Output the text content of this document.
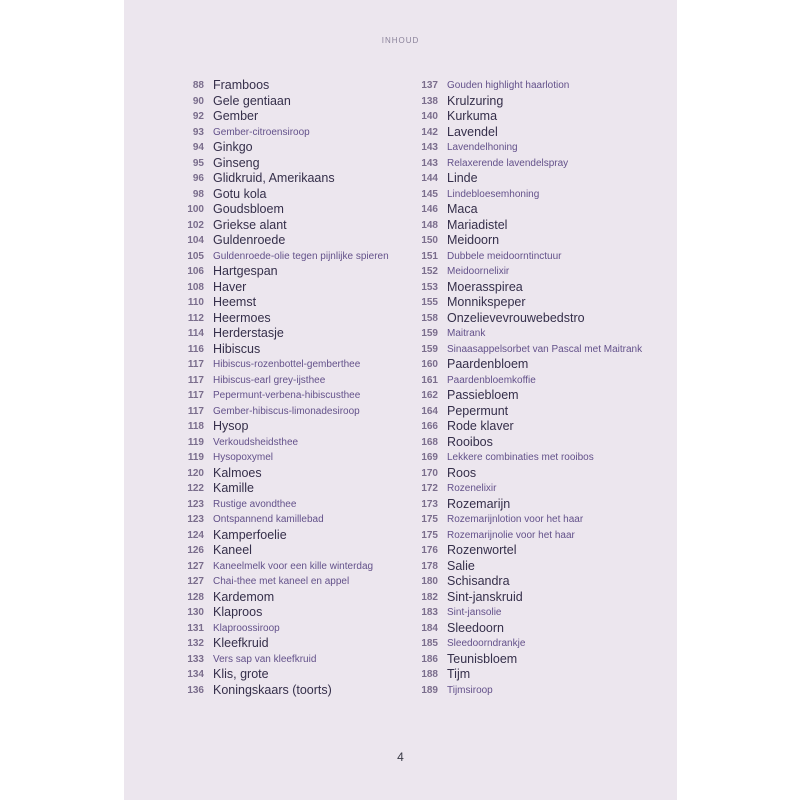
INHOUD
88 Framboos
90 Gele gentiaan
92 Gember
93 Gember-citroensiroop
94 Ginkgo
95 Ginseng
96 Glidkruid, Amerikaans
98 Gotu kola
100 Goudsbloem
102 Griekse alant
104 Guldenroede
105 Guldenroede-olie tegen pijnlijke spieren
106 Hartgespan
108 Haver
110 Heemst
112 Heermoes
114 Herderstasje
116 Hibiscus
117 Hibiscus-rozenbottel-gemberthee
117 Hibiscus-earl grey-ijsthee
117 Pepermunt-verbena-hibiscusthee
117 Gember-hibiscus-limonadesiroop
118 Hysop
119 Verkoudsheidsthee
119 Hysopoxymel
120 Kalmoes
122 Kamille
123 Rustige avondthee
123 Ontspannend kamillebad
124 Kamperfoelie
126 Kaneel
127 Kaneelmelk voor een kille winterdag
127 Chai-thee met kaneel en appel
128 Kardemom
130 Klaproos
131 Klaproossiroop
132 Kleefkruid
133 Vers sap van kleefkruid
134 Klis, grote
136 Koningskaars (toorts)
137 Gouden highlight haarlotion
138 Krulzuring
140 Kurkuma
142 Lavendel
143 Lavendelhoning
143 Relaxerende lavendelspray
144 Linde
145 Lindebloesemhoning
146 Maca
148 Mariadistel
150 Meidoorn
151 Dubbele meidoorntinctuur
152 Meidoornelixir
153 Moerasspirea
155 Monnikspeper
158 Onzelievevrouwebedstro
159 Maitrank
159 Sinaasappelsorbet van Pascal met Maitrank
160 Paardenbloem
161 Paardenbloemkoffie
162 Passiebloem
164 Pepermunt
166 Rode klaver
168 Rooibos
169 Lekkere combinaties met rooibos
170 Roos
172 Rozenelixir
173 Rozemarijn
175 Rozemarijnlotion voor het haar
175 Rozemarijnolie voor het haar
176 Rozenwortel
178 Salie
180 Schisandra
182 Sint-janskruid
183 Sint-jansolie
184 Sleedoorn
185 Sleedoorndrankje
186 Teunisbloem
188 Tijm
189 Tijmsiroop
4
